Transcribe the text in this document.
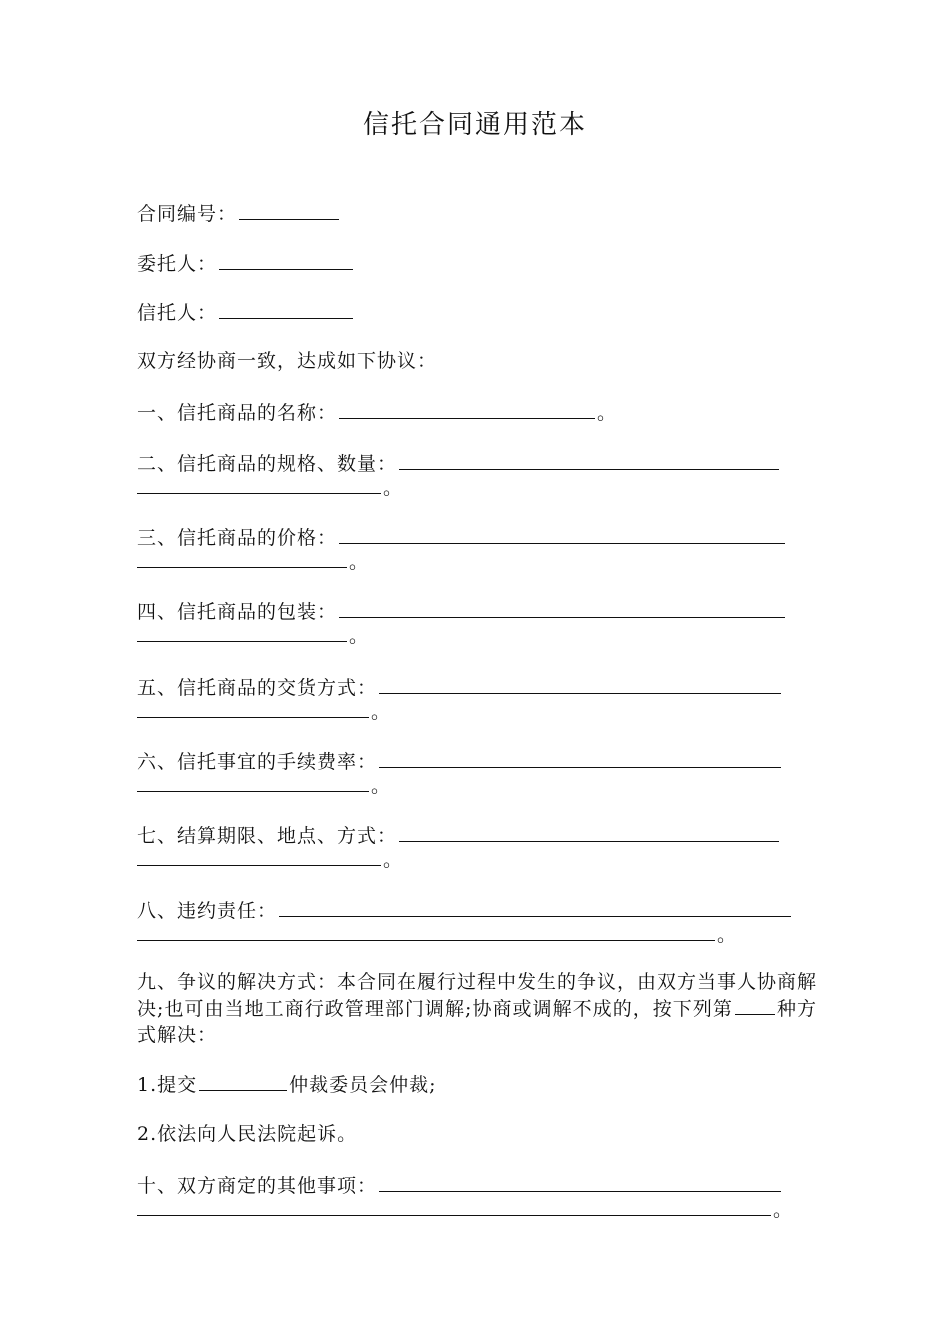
信托合同通用范本
合同编号：
委托人：
信托人：
双方经协商一致，达成如下协议：
一、信托商品的名称：	。
二、信托商品的规格、数量：
。
三、信托商品的价格：
。
四、信托商品的包装：
。
五、信托商品的交货方式：
。
六、信托事宜的手续费率：
。
七、结算期限、地点、方式：
。
八、违约责任：
。
九、争议的解决方式：本合同在履行过程中发生的争议，由双方当事人协商解决;也可由当地工商行政管理部门调解;协商或调解不成的，按下列第 种方式解决：
1.提交	仲裁委员会仲裁;
2.依法向人民法院起诉。
十、双方商定的其他事项：
。
